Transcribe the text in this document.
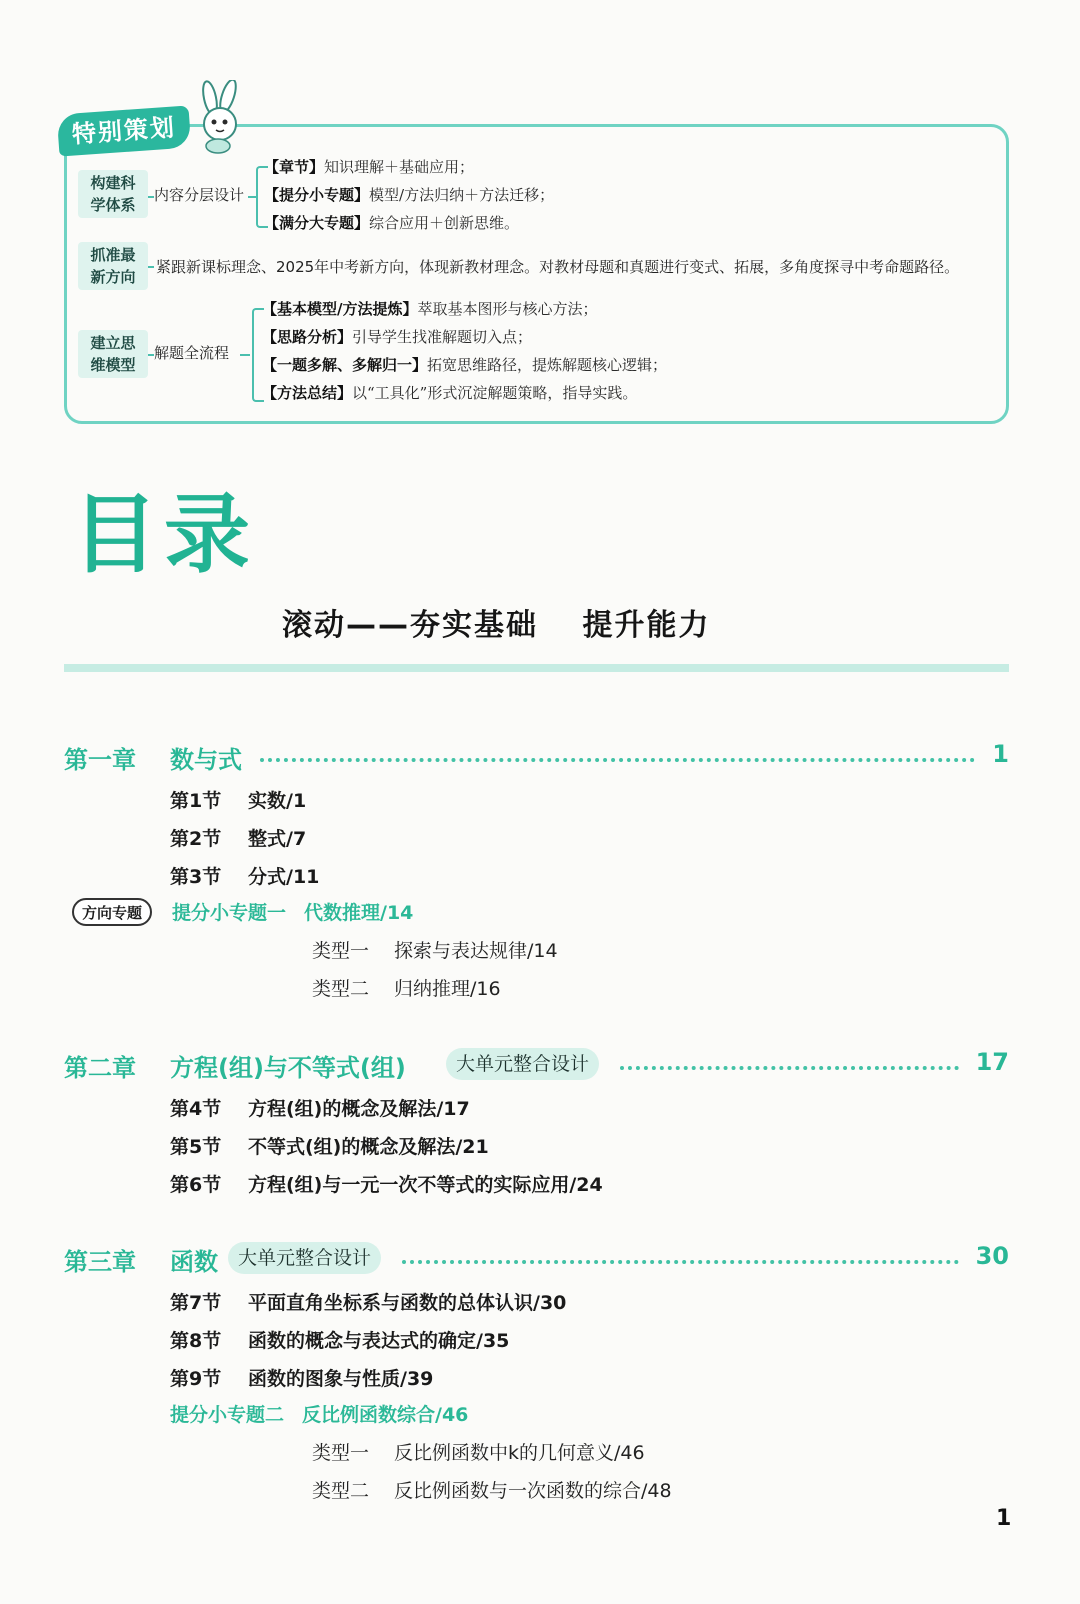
特别策划
构建科学体系
内容分层设计
【章节】知识理解＋基础应用；
【提分小专题】模型/方法归纳＋方法迁移；
【满分大专题】综合应用＋创新思维。
抓准最新方向
紧跟新课标理念、2025年中考新方向，体现新教材理念。对教材母题和真题进行变式、拓展，多角度探寻中考命题路径。
建立思维模型
解题全流程
【基本模型/方法提炼】萃取基本图形与核心方法；
【思路分析】引导学生找准解题切入点；
【一题多解、多解归一】拓宽思维路径，提炼解题核心逻辑；
【方法总结】以“工具化”形式沉淀解题策略，指导实践。
目录
滚动——夯实基础　 提升能力
第一章 数与式	1
第1节 实数/1
第2节 整式/7
第3节 分式/11
方向专题	提分小专题一 代数推理/14
类型一 探索与表达规律/14
类型二 归纳推理/16
第二章 方程(组)与不等式(组)	大单元整合设计	17
第4节 方程(组)的概念及解法/17
第5节 不等式(组)的概念及解法/21
第6节 方程(组)与一元一次不等式的实际应用/24
第三章 函数	大单元整合设计	30
第7节 平面直角坐标系与函数的总体认识/30
第8节 函数的概念与表达式的确定/35
第9节 函数的图象与性质/39
提分小专题二 反比例函数综合/46
类型一 反比例函数中k的几何意义/46
类型二 反比例函数与一次函数的综合/48
1
